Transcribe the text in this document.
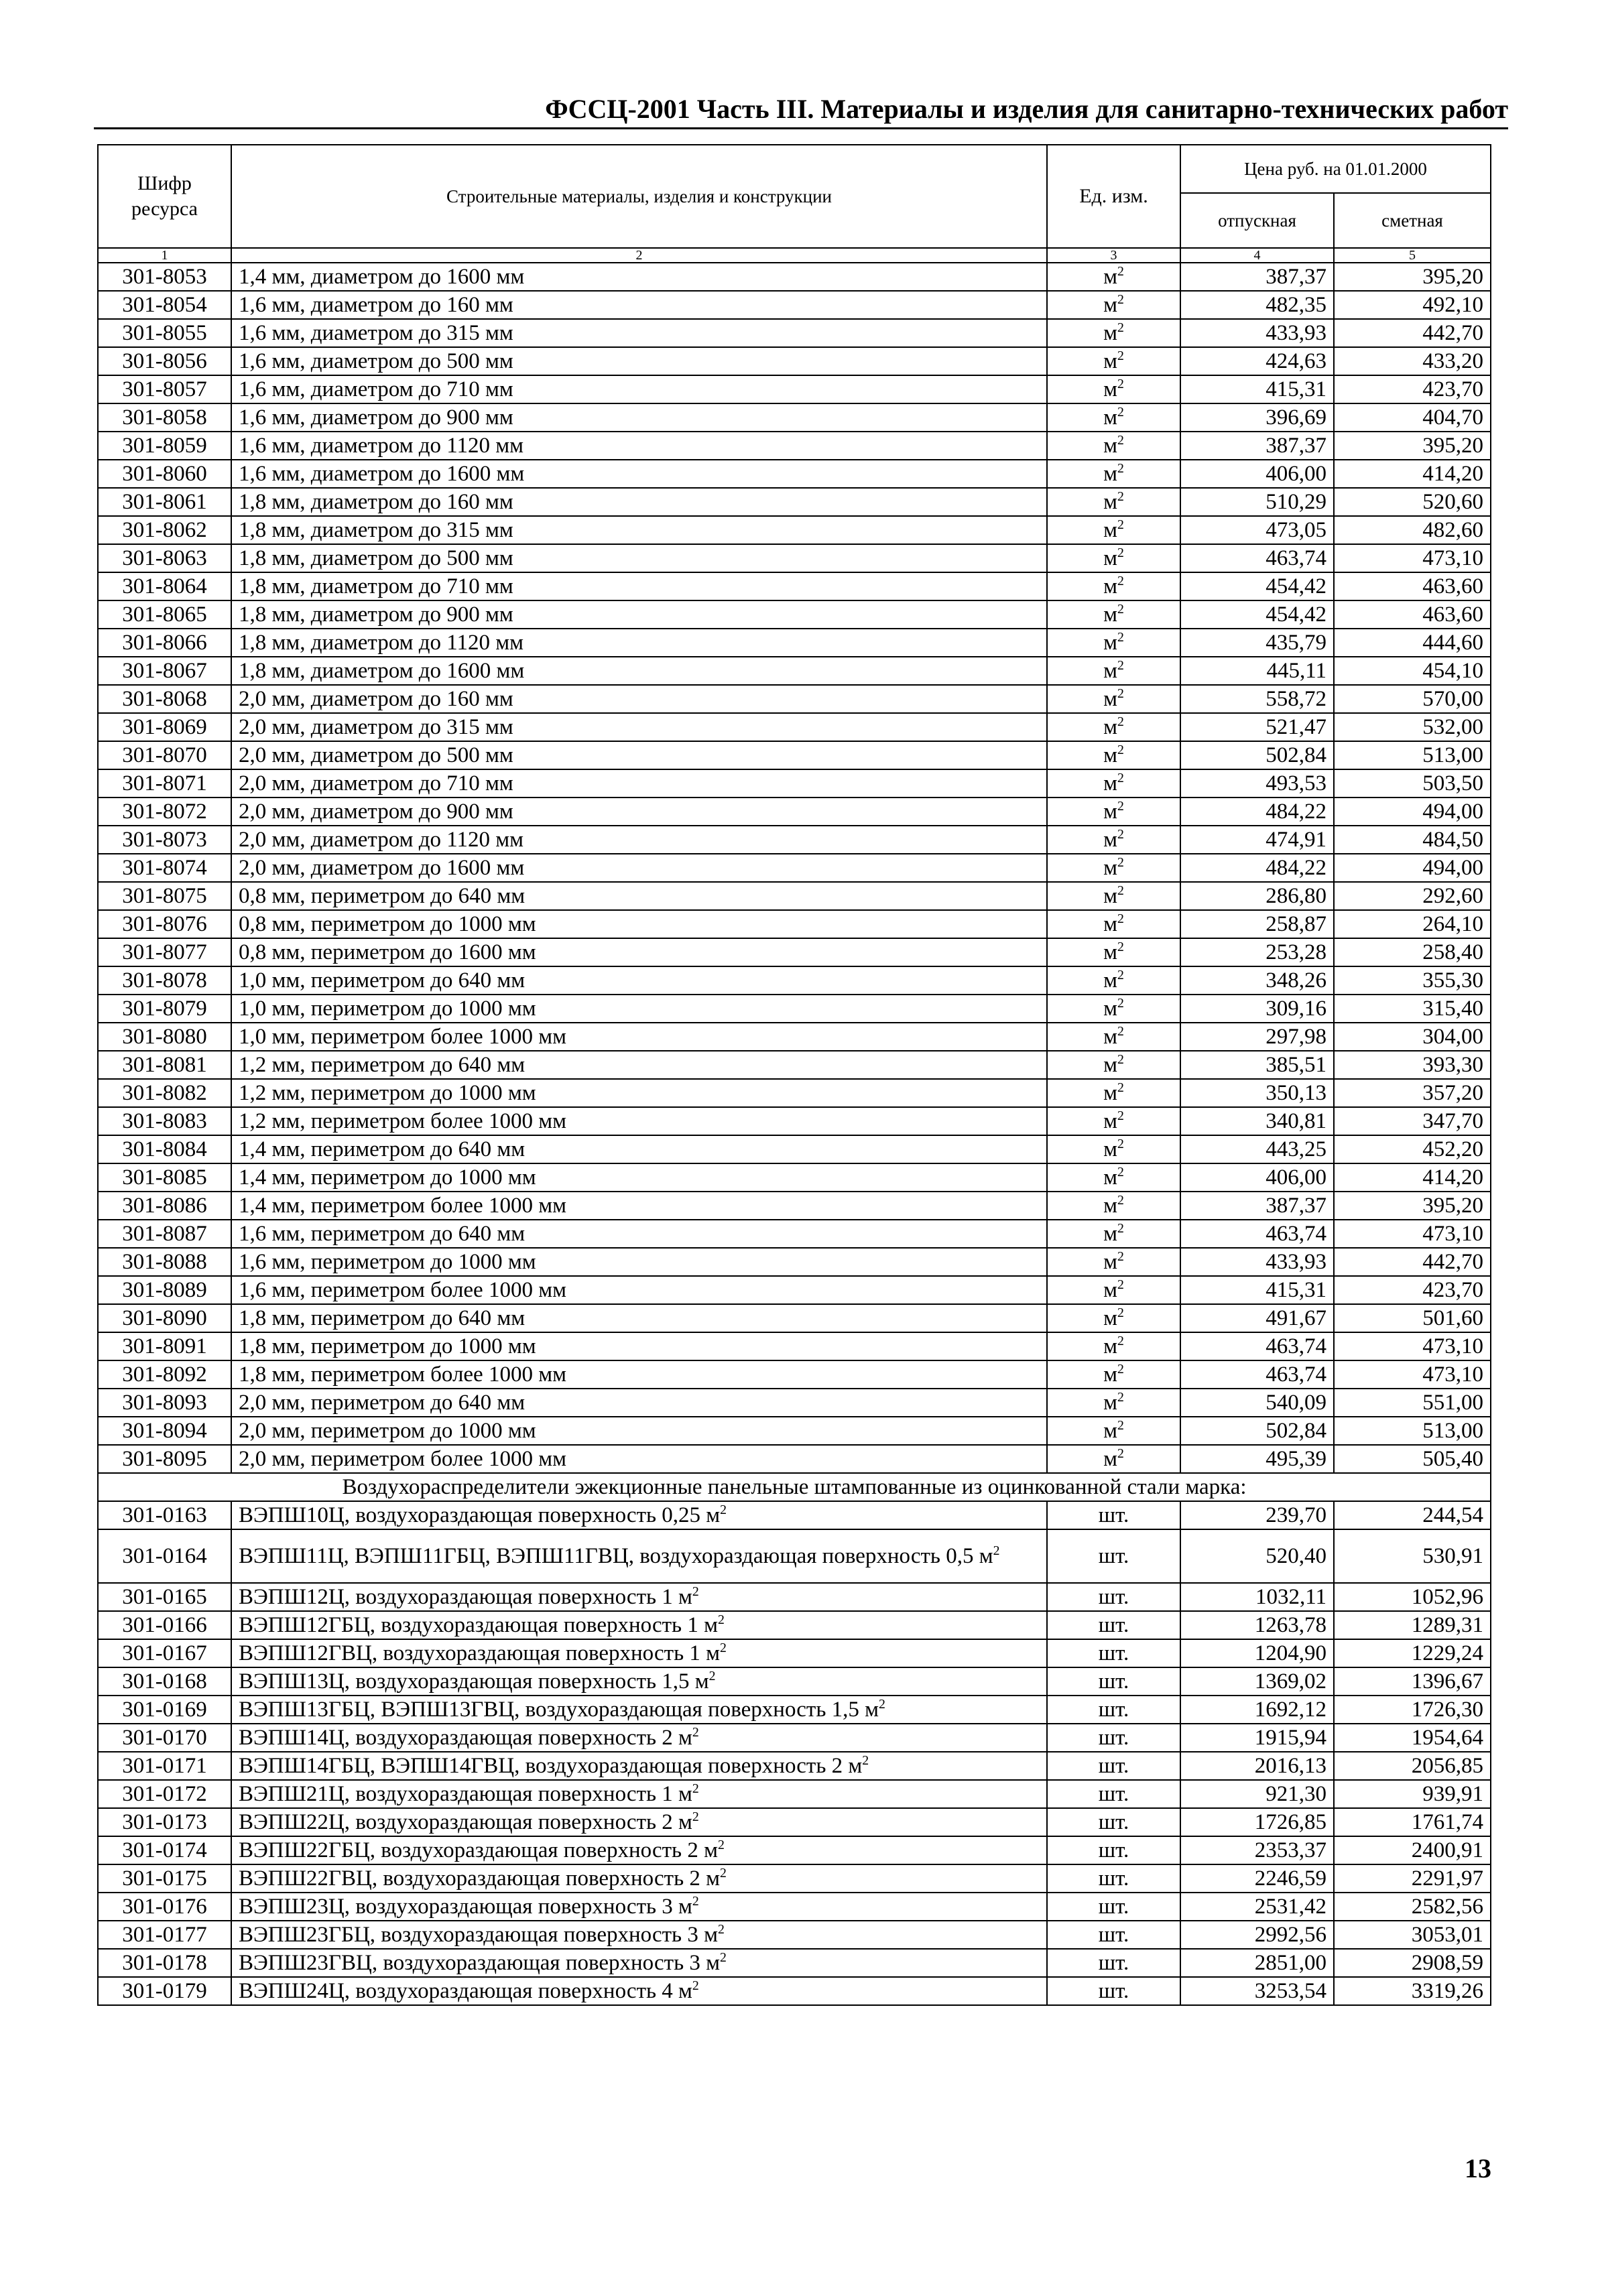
ФССЦ-2001 Часть III. Материалы и изделия для санитарно-технических работ
Шифр ресурса	Строительные материалы, изделия и конструкции	Ед. изм.	Цена руб. на 01.01.2000	
			отпускная	сметная
1	2	3	4	5
301-8053	1,4 мм, диаметром до 1600 мм	$м^2$	387,37	395,20
301-8054	1,6 мм, диаметром до 160 мм	$м^2$	482,35	492,10
301-8055	1,6 мм, диаметром до 315 мм	$м^2$	433,93	442,70
301-8056	1,6 мм, диаметром до 500 мм	$м^2$	424,63	433,20
301-8057	1,6 мм, диаметром до 710 мм	$м^2$	415,31	423,70
301-8058	1,6 мм, диаметром до 900 мм	$м^2$	396,69	404,70
301-8059	1,6 мм, диаметром до 1120 мм	$м^2$	387,37	395,20
301-8060	1,6 мм, диаметром до 1600 мм	$м^2$	406,00	414,20
301-8061	1,8 мм, диаметром до 160 мм	$м^2$	510,29	520,60
301-8062	1,8 мм, диаметром до 315 мм	$м^2$	473,05	482,60
301-8063	1,8 мм, диаметром до 500 мм	$м^2$	463,74	473,10
301-8064	1,8 мм, диаметром до 710 мм	$м^2$	454,42	463,60
301-8065	1,8 мм, диаметром до 900 мм	$м^2$	454,42	463,60
301-8066	1,8 мм, диаметром до 1120 мм	$м^2$	435,79	444,60
301-8067	1,8 мм, диаметром до 1600 мм	$м^2$	445,11	454,10
301-8068	2,0 мм, диаметром до 160 мм	$м^2$	558,72	570,00
301-8069	2,0 мм, диаметром до 315 мм	$м^2$	521,47	532,00
301-8070	2,0 мм, диаметром до 500 мм	$м^2$	502,84	513,00
301-8071	2,0 мм, диаметром до 710 мм	$м^2$	493,53	503,50
301-8072	2,0 мм, диаметром до 900 мм	$м^2$	484,22	494,00
301-8073	2,0 мм, диаметром до 1120 мм	$м^2$	474,91	484,50
301-8074	2,0 мм, диаметром до 1600 мм	$м^2$	484,22	494,00
301-8075	0,8 мм, периметром до 640 мм	$м^2$	286,80	292,60
301-8076	0,8 мм, периметром до 1000 мм	$м^2$	258,87	264,10
301-8077	0,8 мм, периметром до 1600 мм	$м^2$	253,28	258,40
301-8078	1,0 мм, периметром до 640 мм	$м^2$	348,26	355,30
301-8079	1,0 мм, периметром до 1000 мм	$м^2$	309,16	315,40
301-8080	1,0 мм, периметром более 1000 мм	$м^2$	297,98	304,00
301-8081	1,2 мм, периметром до 640 мм	$м^2$	385,51	393,30
301-8082	1,2 мм, периметром до 1000 мм	$м^2$	350,13	357,20
301-8083	1,2 мм, периметром более 1000 мм	$м^2$	340,81	347,70
301-8084	1,4 мм, периметром до 640 мм	$м^2$	443,25	452,20
301-8085	1,4 мм, периметром до 1000 мм	$м^2$	406,00	414,20
301-8086	1,4 мм, периметром более 1000 мм	$м^2$	387,37	395,20
301-8087	1,6 мм, периметром до 640 мм	$м^2$	463,74	473,10
301-8088	1,6 мм, периметром до 1000 мм	$м^2$	433,93	442,70
301-8089	1,6 мм, периметром более 1000 мм	$м^2$	415,31	423,70
301-8090	1,8 мм, периметром до 640 мм	$м^2$	491,67	501,60
301-8091	1,8 мм, периметром до 1000 мм	$м^2$	463,74	473,10
301-8092	1,8 мм, периметром более 1000 мм	$м^2$	463,74	473,10
301-8093	2,0 мм, периметром до 640 мм	$м^2$	540,09	551,00
301-8094	2,0 мм, периметром до 1000 мм	$м^2$	502,84	513,00
301-8095	2,0 мм, периметром более 1000 мм	$м^2$	495,39	505,40
Воздухораспределители эжекционные панельные штампованные из оцинкованной стали марка:				
301-0163	ВЭПШ10Ц, воздухораздающая поверхность 0,25 $м^2$	шт.	239,70	244,54
301-0164	ВЭПШ11Ц, ВЭПШ11ГБЦ, ВЭПШ11ГВЦ, воздухораздающая поверхность 0,5 $м^2$	шт.	520,40	530,91
301-0165	ВЭПШ12Ц, воздухораздающая поверхность 1 $м^2$	шт.	1032,11	1052,96
301-0166	ВЭПШ12ГБЦ, воздухораздающая поверхность 1 $м^2$	шт.	1263,78	1289,31
301-0167	ВЭПШ12ГВЦ, воздухораздающая поверхность 1 $м^2$	шт.	1204,90	1229,24
301-0168	ВЭПШ13Ц, воздухораздающая поверхность 1,5 $м^2$	шт.	1369,02	1396,67
301-0169	ВЭПШ13ГБЦ, ВЭПШ13ГВЦ, воздухораздающая поверхность 1,5 $м^2$	шт.	1692,12	1726,30
301-0170	ВЭПШ14Ц, воздухораздающая поверхность 2 $м^2$	шт.	1915,94	1954,64
301-0171	ВЭПШ14ГБЦ, ВЭПШ14ГВЦ, воздухораздающая поверхность 2 $м^2$	шт.	2016,13	2056,85
301-0172	ВЭПШ21Ц, воздухораздающая поверхность 1 $м^2$	шт.	921,30	939,91
301-0173	ВЭПШ22Ц, воздухораздающая поверхность 2 $м^2$	шт.	1726,85	1761,74
301-0174	ВЭПШ22ГБЦ, воздухораздающая поверхность 2 $м^2$	шт.	2353,37	2400,91
301-0175	ВЭПШ22ГВЦ, воздухораздающая поверхность 2 $м^2$	шт.	2246,59	2291,97
301-0176	ВЭПШ23Ц, воздухораздающая поверхность 3 $м^2$	шт.	2531,42	2582,56
301-0177	ВЭПШ23ГБЦ, воздухораздающая поверхность 3 $м^2$	шт.	2992,56	3053,01
301-0178	ВЭПШ23ГВЦ, воздухораздающая поверхность 3 $м^2$	шт.	2851,00	2908,59
301-0179	ВЭПШ24Ц, воздухораздающая поверхность 4 $м^2$	шт.	3253,54	3319,26
13
